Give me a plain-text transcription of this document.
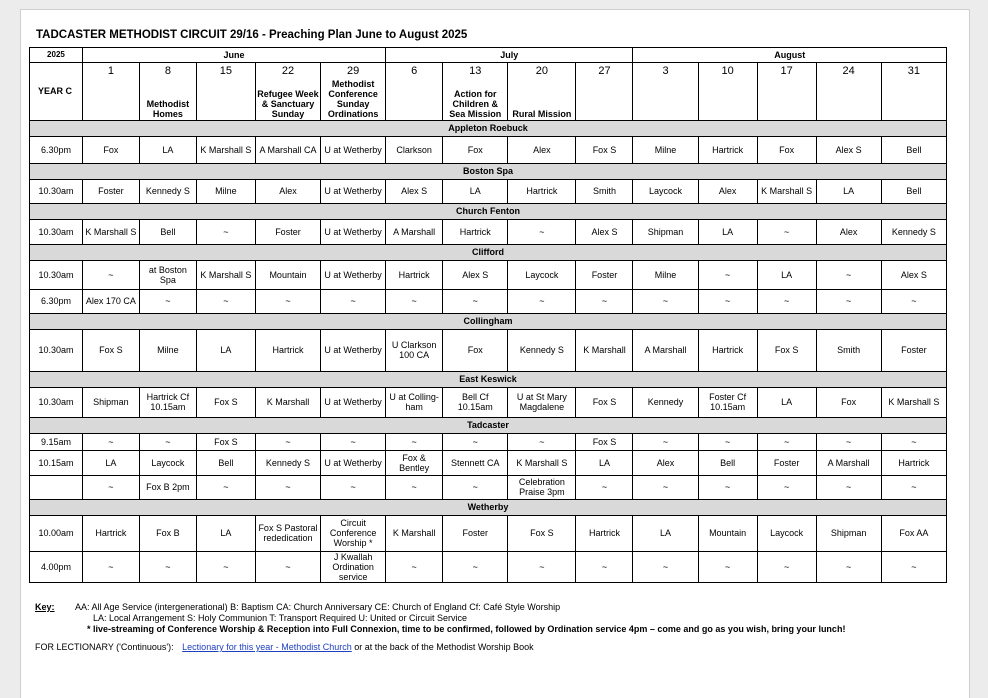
TADCASTER METHODIST CIRCUIT 29/16 - Preaching Plan June to August 2025
2025	June					July				August				
YEAR C	1	8	15	22	29	6	13	20	27	3	10	17	24	31
		Methodist Homes		Refugee Week & Sanctuary Sunday	Methodist Conference Sunday Ordinations		Action for Children & Sea Mission	Rural Mission						
Appleton Roebuck														
6.30pm	Fox	LA	K Marshall S	A Marshall CA	U at Wetherby	Clarkson	Fox	Alex	Fox S	Milne	Hartrick	Fox	Alex S	Bell
Boston Spa														
10.30am	Foster	Kennedy S	Milne	Alex	U at Wetherby	Alex S	LA	Hartrick	Smith	Laycock	Alex	K Marshall S	LA	Bell
Church Fenton														
10.30am	K Marshall S	Bell	~	Foster	U at Wetherby	A Marshall	Hartrick	~	Alex S	Shipman	LA	~	Alex	Kennedy S
Clifford														
10.30am	~	at Boston Spa	K Marshall S	Mountain	U at Wetherby	Hartrick	Alex S	Laycock	Foster	Milne	~	LA	~	Alex S
6.30pm	Alex 170 CA	~	~	~	~	~	~	~	~	~	~	~	~	~
Collingham														
10.30am	Fox S	Milne	LA	Hartrick	U at Wetherby	U Clarkson 100 CA	Fox	Kennedy S	K Marshall	A Marshall	Hartrick	Fox S	Smith	Foster
East Keswick														
10.30am	Shipman	Hartrick Cf 10.15am	Fox S	K Marshall	U at Wetherby	U at Colling-ham	Bell Cf 10.15am	U at St Mary Magdalene	Fox S	Kennedy	Foster Cf 10.15am	LA	Fox	K Marshall S
Tadcaster														
9.15am	~	~	Fox S	~	~	~	~	~	Fox S	~	~	~	~	~
10.15am	LA	Laycock	Bell	Kennedy S	U at Wetherby	Fox & Bentley	Stennett CA	K Marshall S	LA	Alex	Bell	Foster	A Marshall	Hartrick
	~	Fox B 2pm	~	~	~	~	~	Celebration Praise 3pm	~	~	~	~	~	~
Wetherby														
10.00am	Hartrick	Fox B	LA	Fox S Pastoral rededication	Circuit Conference Worship *	K Marshall	Foster	Fox S	Hartrick	LA	Mountain	Laycock	Shipman	Fox AA
4.00pm	~	~	~	~	J Kwallah Ordination service	~	~	~	~	~	~	~	~	~
Key: AA: All Age Service (intergenerational) B: Baptism CA: Church Anniversary CE: Church of England Cf: Café Style Worship
LA: Local Arrangement S: Holy Communion T: Transport Required U: United or Circuit Service
* live-streaming of Conference Worship & Reception into Full Connexion, time to be confirmed, followed by Ordination service 4pm – come and go as you wish, bring your lunch!
FOR LECTIONARY ('Continuous'): Lectionary for this year - Methodist Church or at the back of the Methodist Worship Book
